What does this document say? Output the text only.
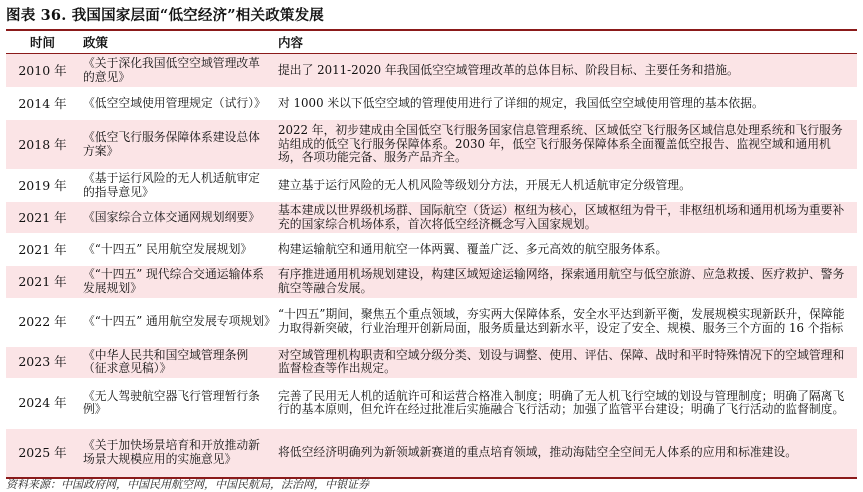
图表 36. 我国国家层面“低空经济”相关政策发展
时间	政策	内容
2010 年	《关于深化我国低空空域管理改革的意见》	提出了 2011-2020 年我国低空空域管理改革的总体目标、阶段目标、主要任务和措施。
2014 年	《低空空域使用管理规定（试行）》	对 1000 米以下低空空域的管理使用进行了详细的规定，我国低空空域使用管理的基本依据。
2018 年	《低空飞行服务保障体系建设总体方案》	2022 年，初步建成由全国低空飞行服务国家信息管理系统、区域低空飞行服务区域信息处理系统和飞行服务站组成的低空飞行服务保障体系。2030 年，低空飞行服务保障体系全面覆盖低空报告、监视空域和通用机场，各项功能完备、服务产品齐全。
2019 年	《基于运行风险的无人机适航审定的指导意见》	建立基于运行风险的无人机风险等级划分方法，开展无人机适航审定分级管理。
2021 年	《国家综合立体交通网规划纲要》	基本建成以世界级机场群、国际航空（货运）枢纽为核心，区域枢纽为骨干，非枢纽机场和通用机场为重要补充的国家综合机场体系，首次将低空经济概念写入国家规划。
2021 年	《“十四五” 民用航空发展规划》	构建运输航空和通用航空一体两翼、覆盖广泛、多元高效的航空服务体系。
2021 年	《“十四五” 现代综合交通运输体系发展规划》	有序推进通用机场规划建设，构建区域短途运输网络，探索通用航空与低空旅游、应急救援、医疗救护、警务航空等融合发展。
2022 年	《“十四五” 通用航空发展专项规划》	“十四五”期间，聚焦五个重点领域，夯实两大保障体系，安全水平达到新平衡，发展规模实现新跃升，保障能力取得新突破，行业治理开创新局面，服务质量达到新水平，设定了安全、规模、服务三个方面的 16 个指标
2023 年	《中华人民共和国空域管理条例（征求意见稿）》	对空域管理机构职责和空域分级分类、划设与调整、使用、评估、保障、战时和平时特殊情况下的空域管理和监督检查等作出规定。
2024 年	《无人驾驶航空器飞行管理暂行条例》	完善了民用无人机的适航许可和运营合格准入制度；明确了无人机飞行空域的划设与管理制度；明确了隔离飞行的基本原则，但允许在经过批准后实施融合飞行活动；加强了监管平台建设；明确了飞行活动的监督制度。
2025 年	《关于加快场景培育和开放推动新场景大规模应用的实施意见》	将低空经济明确列为新领域新赛道的重点培育领域，推动海陆空全空间无人体系的应用和标准建设。
资料来源：中国政府网，中国民用航空网，中国民航局，法治网，中银证券
